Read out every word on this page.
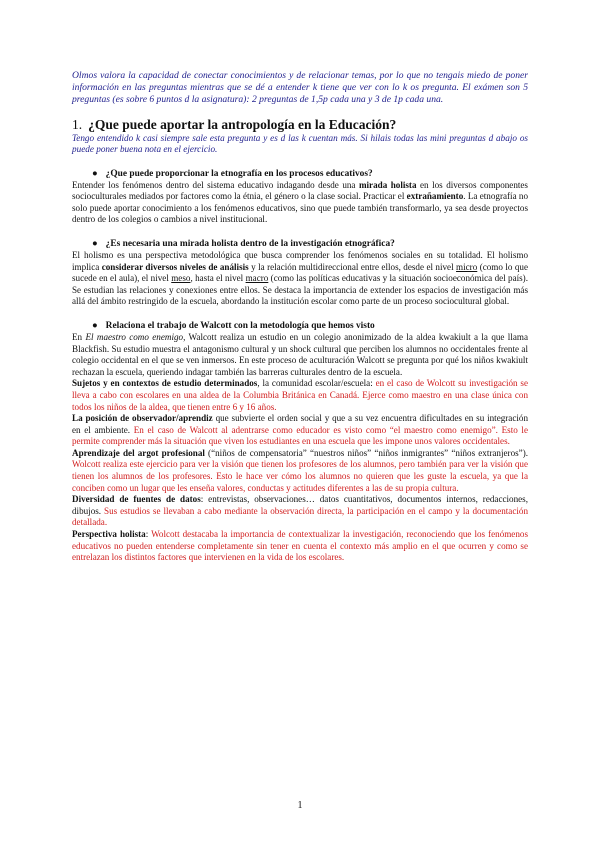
Olmos valora la capacidad de conectar conocimientos y de relacionar temas, por lo que no tengais miedo de poner información en las preguntas mientras que se dé a entender k tiene que ver con lo k os pregunta. El exámen son 5 preguntas (es sobre 6 puntos d la asignatura): 2 preguntas de 1,5p cada una y 3 de 1p cada una.

1. ¿Que puede aportar la antropología en la Educación?

Tengo entendido k casi siempre sale esta pregunta y es d las k cuentan más. Si hilais todas las mini preguntas d abajo os puede poner buena nota en el ejercicio.

● ¿Que puede proporcionar la etnografía en los procesos educativos?

Entender los fenómenos dentro del sistema educativo indagando desde una mirada holista en los diversos componentes socioculturales mediados por factores como la étnia, el género o la clase social. Practicar el extrañamiento. La etnografía no solo puede aportar conocimiento a los fenómenos educativos, sino que puede también transformarlo, ya sea desde proyectos dentro de los colegios o cambios a nivel institucional.

● ¿Es necesaria una mirada holista dentro de la investigación etnográfica?

El holismo es una perspectiva metodológica que busca comprender los fenómenos sociales en su totalidad. El holismo implica considerar diversos niveles de análisis y la relación multidireccional entre ellos, desde el nivel micro (como lo que sucede en el aula), el nivel meso, hasta el nivel macro (como las políticas educativas y la situación socioeconómica del país). Se estudian las relaciones y conexiones entre ellos. Se destaca la importancia de extender los espacios de investigación más allá del ámbito restringido de la escuela, abordando la institución escolar como parte de un proceso sociocultural global.

● Relaciona el trabajo de Walcott con la metodología que hemos visto

En El maestro como enemigo, Walcott realiza un estudio en un colegio anonimizado de la aldea kwakiult a la que llama Blackfish. Su estudio muestra el antagonismo cultural y un shock cultural que perciben los alumnos no occidentales frente al colegio occidental en el que se ven inmersos. En este proceso de aculturación Walcott se pregunta por qué los niños kwakiult rechazan la escuela, queriendo indagar también las barreras culturales dentro de la escuela.

Sujetos y en contextos de estudio determinados, la comunidad escolar/escuela: en el caso de Wolcott su investigación se lleva a cabo con escolares en una aldea de la Columbia Británica en Canadá. Ejerce como maestro en una clase única con todos los niños de la aldea, que tienen entre 6 y 16 años.

La posición de observador/aprendiz que subvierte el orden social y que a su vez encuentra dificultades en su integración en el ambiente. En el caso de Walcott al adentrarse como educador es visto como “el maestro como enemigo”. Esto le permite comprender más la situación que viven los estudiantes en una escuela que les impone unos valores occidentales.

Aprendizaje del argot profesional (“niños de compensatoria” “nuestros niños” “niños inmigrantes” “niños extranjeros”). Wolcott realiza este ejercicio para ver la visión que tienen los profesores de los alumnos, pero también para ver la visión que tienen los alumnos de los profesores. Esto le hace ver cómo los alumnos no quieren que les guste la escuela, ya que la conciben como un lugar que les enseña valores, conductas y actitudes diferentes a las de su propia cultura.

Diversidad de fuentes de datos: entrevistas, observaciones… datos cuantitativos, documentos internos, redacciones, dibujos. Sus estudios se llevaban a cabo mediante la observación directa, la participación en el campo y la documentación detallada.

Perspectiva holista: Wolcott destacaba la importancia de contextualizar la investigación, reconociendo que los fenómenos educativos no pueden entenderse completamente sin tener en cuenta el contexto más amplio en el que ocurren y como se entrelazan los distintos factores que intervienen en la vida de los escolares.

1
